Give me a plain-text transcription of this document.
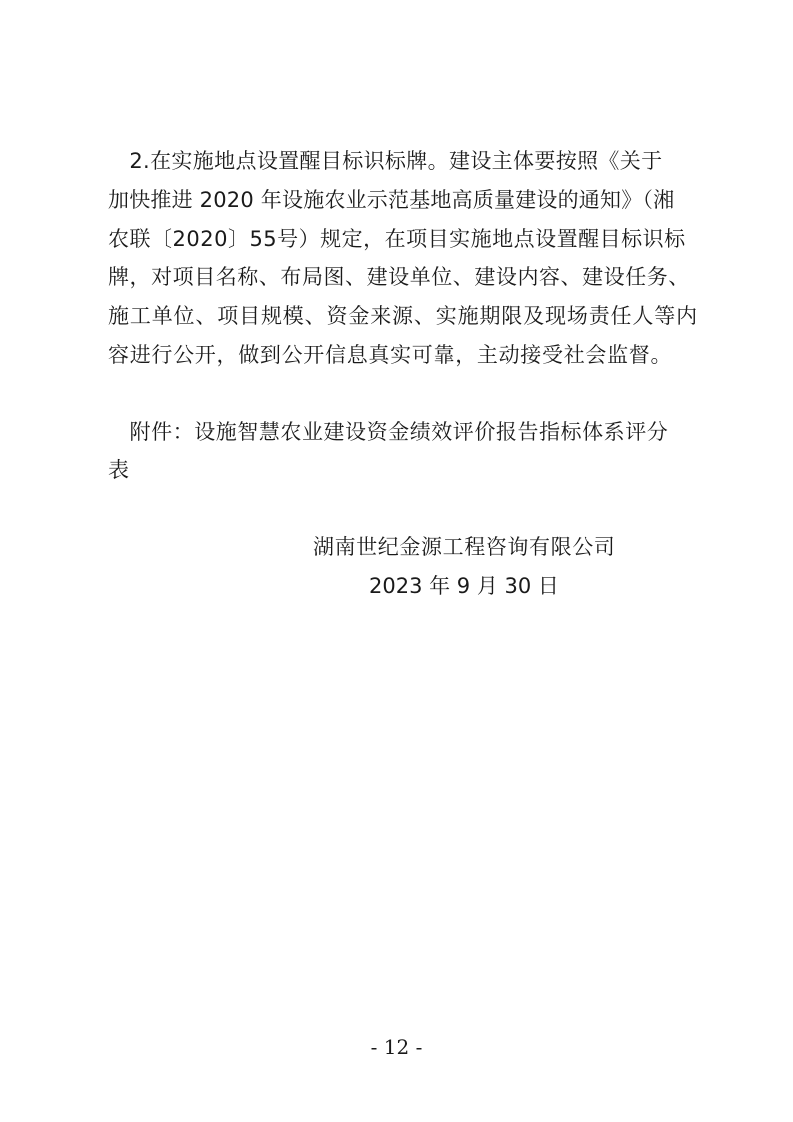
　2.在实施地点设置醒目标识标牌。建设主体要按照《关于
加快推进 2020 年设施农业示范基地高质量建设的通知》（湘
农联〔2020〕55号）规定，在项目实施地点设置醒目标识标
牌，对项目名称、布局图、建设单位、建设内容、建设任务、
施工单位、项目规模、资金来源、实施期限及现场责任人等内
容进行公开，做到公开信息真实可靠，主动接受社会监督。
　附件：设施智慧农业建设资金绩效评价报告指标体系评分
表
湖南世纪金源工程咨询有限公司
2023 年 9 月 30 日
- 12 -
